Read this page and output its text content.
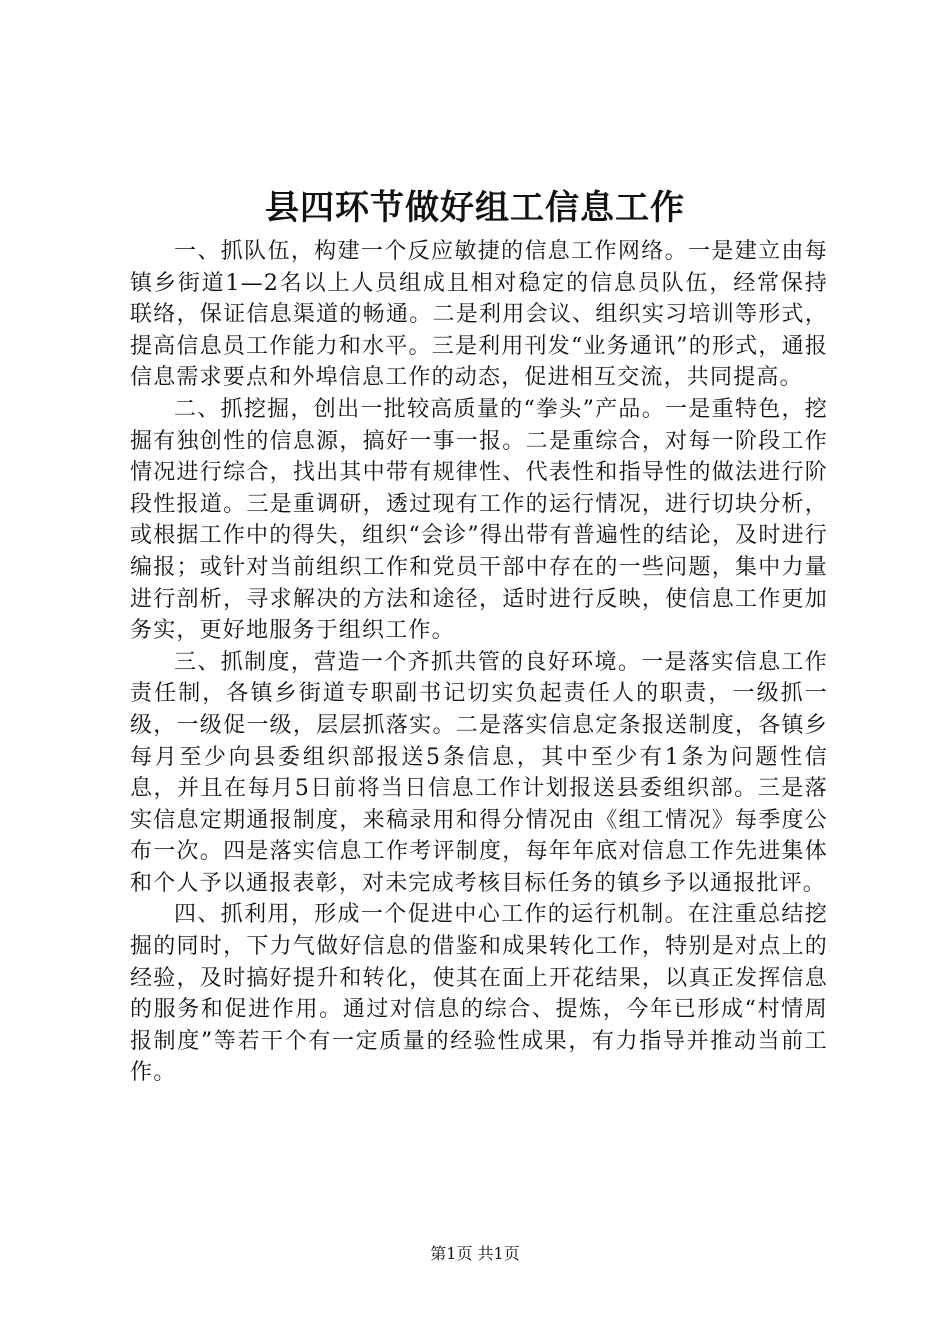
县四环节做好组工信息工作

一、抓队伍，构建一个反应敏捷的信息工作网络。一是建立由每镇乡街道1—2名以上人员组成且相对稳定的信息员队伍，经常保持联络，保证信息渠道的畅通。二是利用会议、组织实习培训等形式，提高信息员工作能力和水平。三是利用刊发“业务通讯”的形式，通报信息需求要点和外埠信息工作的动态，促进相互交流，共同提高。

二、抓挖掘，创出一批较高质量的“拳头”产品。一是重特色，挖掘有独创性的信息源，搞好一事一报。二是重综合，对每一阶段工作情况进行综合，找出其中带有规律性、代表性和指导性的做法进行阶段性报道。三是重调研，透过现有工作的运行情况，进行切块分析，或根据工作中的得失，组织“会诊”得出带有普遍性的结论，及时进行编报；或针对当前组织工作和党员干部中存在的一些问题，集中力量进行剖析，寻求解决的方法和途径，适时进行反映，使信息工作更加务实，更好地服务于组织工作。

三、抓制度，营造一个齐抓共管的良好环境。一是落实信息工作责任制，各镇乡街道专职副书记切实负起责任人的职责，一级抓一级，一级促一级，层层抓落实。二是落实信息定条报送制度，各镇乡每月至少向县委组织部报送5条信息，其中至少有1条为问题性信息，并且在每月5日前将当日信息工作计划报送县委组织部。三是落实信息定期通报制度，来稿录用和得分情况由《组工情况》每季度公布一次。四是落实信息工作考评制度，每年年底对信息工作先进集体和个人予以通报表彰，对未完成考核目标任务的镇乡予以通报批评。

四、抓利用，形成一个促进中心工作的运行机制。在注重总结挖掘的同时，下力气做好信息的借鉴和成果转化工作，特别是对点上的经验，及时搞好提升和转化，使其在面上开花结果，以真正发挥信息的服务和促进作用。通过对信息的综合、提炼，今年已形成“村情周报制度”等若干个有一定质量的经验性成果，有力指导并推动当前工作。

第1页 共1页
